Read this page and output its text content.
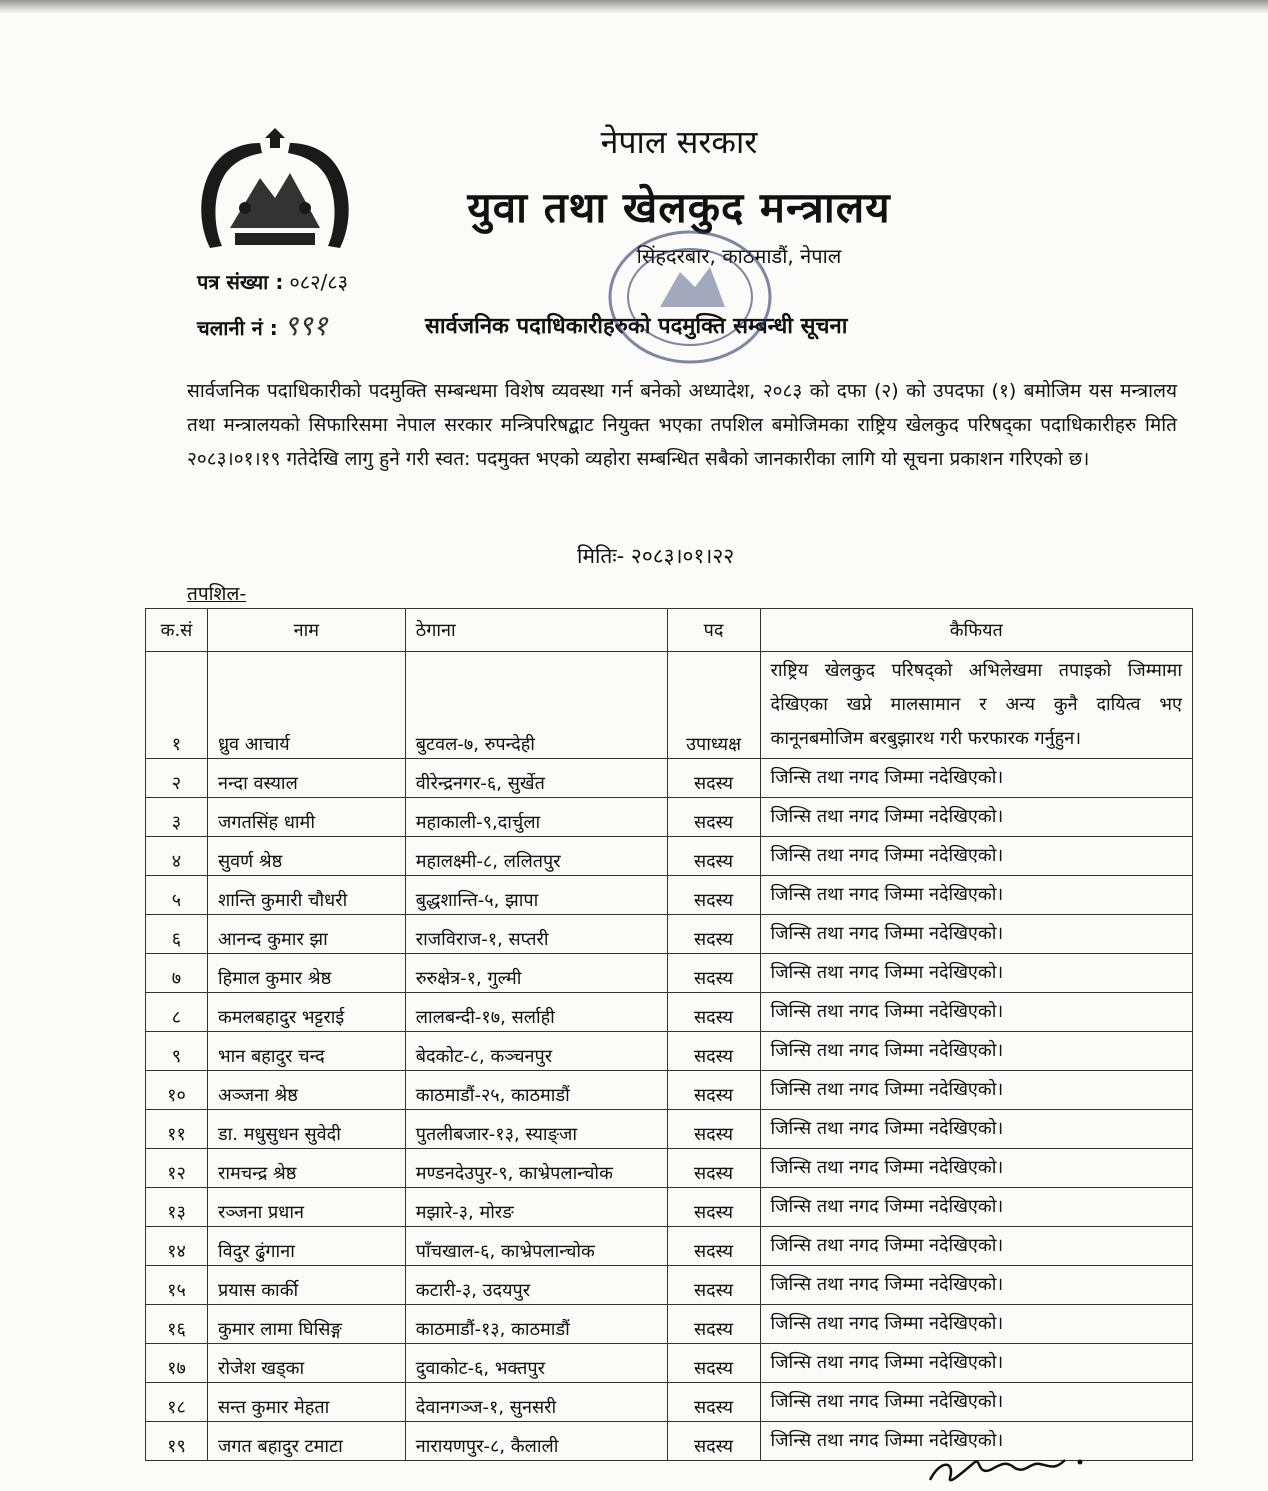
नेपाल सरकार
युवा तथा खेलकुद मन्त्रालय
सिंहदरबार, काठमाडौं, नेपाल
पत्र संख्या : ०८२/८३
चलानी नं : ९९१	सार्वजनिक पदाधिकारीहरुको पदमुक्ति सम्बन्धी सूचना
सार्वजनिक पदाधिकारीको पदमुक्ति सम्बन्धमा विशेष व्यवस्था गर्न बनेको अध्यादेश, २०८३ को दफा (२) को उपदफा (१) बमोजिम यस मन्त्रालय तथा मन्त्रालयको सिफारिसमा नेपाल सरकार मन्त्रिपरिषद्बाट नियुक्त भएका तपशिल बमोजिमका राष्ट्रिय खेलकुद परिषद्का पदाधिकारीहरु मिति २०८३।०१।१९ गतेदेखि लागु हुने गरी स्वत: पदमुक्त भएको व्यहोरा सम्बन्धित सबैको जानकारीका लागि यो सूचना प्रकाशन गरिएको छ।
मितिः- २०८३।०१।२२
तपशिल-
क.सं	नाम	ठेगाना	पद	कैफियत
१	ध्रुव आचार्य	बुटवल-७, रुपन्देही	उपाध्यक्ष	राष्ट्रिय खेलकुद परिषद्को अभिलेखमा तपाइको जिम्मामा देखिएका खप्ने मालसामान र अन्य कुनै दायित्व भए कानूनबमोजिम बरबुझारथ गरी फरफारक गर्नुहुन।
२	नन्दा वस्याल	वीरेन्द्रनगर-६, सुर्खेत	सदस्य	जिन्सि तथा नगद जिम्मा नदेखिएको।
३	जगतसिंह धामी	महाकाली-९,दार्चुला	सदस्य	जिन्सि तथा नगद जिम्मा नदेखिएको।
४	सुवर्ण श्रेष्ठ	महालक्ष्मी-८, ललितपुर	सदस्य	जिन्सि तथा नगद जिम्मा नदेखिएको।
५	शान्ति कुमारी चौधरी	बुद्धशान्ति-५, झापा	सदस्य	जिन्सि तथा नगद जिम्मा नदेखिएको।
६	आनन्द कुमार झा	राजविराज-१, सप्तरी	सदस्य	जिन्सि तथा नगद जिम्मा नदेखिएको।
७	हिमाल कुमार श्रेष्ठ	रुरुक्षेत्र-१, गुल्मी	सदस्य	जिन्सि तथा नगद जिम्मा नदेखिएको।
८	कमलबहादुर भट्टराई	लालबन्दी-१७, सर्लाही	सदस्य	जिन्सि तथा नगद जिम्मा नदेखिएको।
९	भान बहादुर चन्द	बेदकोट-८, कञ्चनपुर	सदस्य	जिन्सि तथा नगद जिम्मा नदेखिएको।
१०	अञ्जना श्रेष्ठ	काठमाडौं-२५, काठमाडौं	सदस्य	जिन्सि तथा नगद जिम्मा नदेखिएको।
११	डा. मधुसुधन सुवेदी	पुतलीबजार-१३, स्याङ्जा	सदस्य	जिन्सि तथा नगद जिम्मा नदेखिएको।
१२	रामचन्द्र श्रेष्ठ	मण्डनदेउपुर-९, काभ्रेपलान्चोक	सदस्य	जिन्सि तथा नगद जिम्मा नदेखिएको।
१३	रञ्जना प्रधान	मझारे-३, मोरङ	सदस्य	जिन्सि तथा नगद जिम्मा नदेखिएको।
१४	विदुर ढुंगाना	पाँचखाल-६, काभ्रेपलान्चोक	सदस्य	जिन्सि तथा नगद जिम्मा नदेखिएको।
१५	प्रयास कार्की	कटारी-३, उदयपुर	सदस्य	जिन्सि तथा नगद जिम्मा नदेखिएको।
१६	कुमार लामा घिसिङ्ग	काठमाडौं-१३, काठमाडौं	सदस्य	जिन्सि तथा नगद जिम्मा नदेखिएको।
१७	रोजेश खड्का	दुवाकोट-६, भक्तपुर	सदस्य	जिन्सि तथा नगद जिम्मा नदेखिएको।
१८	सन्त कुमार मेहता	देवानगञ्ज-१, सुनसरी	सदस्य	जिन्सि तथा नगद जिम्मा नदेखिएको।
१९	जगत बहादुर टमाटा	नारायणपुर-८, कैलाली	सदस्य	जिन्सि तथा नगद जिम्मा नदेखिएको।
